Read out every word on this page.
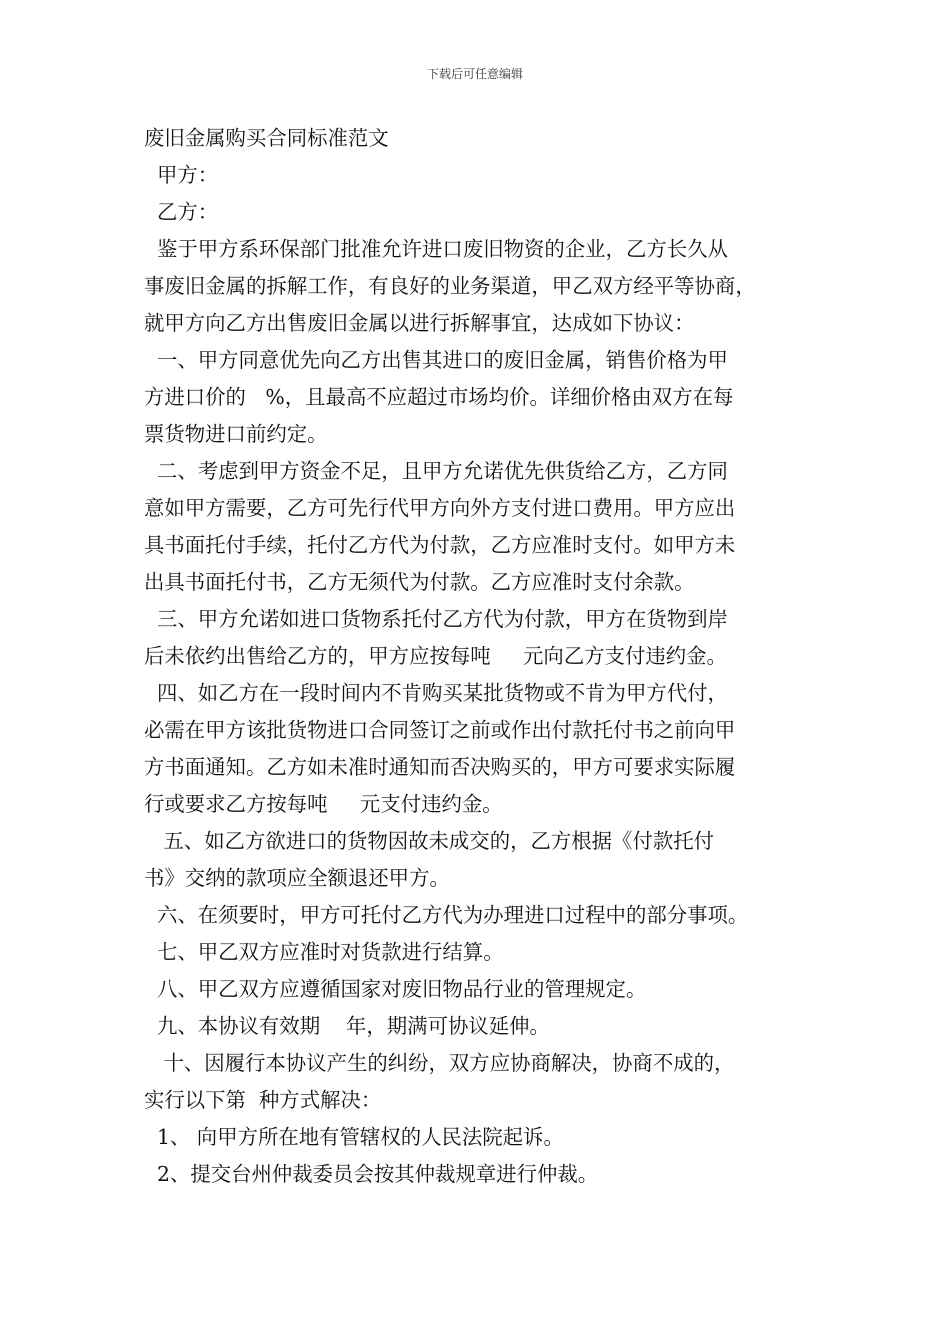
下载后可任意编辑
废旧金属购买合同标准范文
甲方：
乙方：
鉴于甲方系环保部门批准允许进口废旧物资的企业，乙方长久从
事废旧金属的拆解工作，有良好的业务渠道，甲乙双方经平等协商，
就甲方向乙方出售废旧金属以进行拆解事宜，达成如下协议：
一、甲方同意优先向乙方出售其进口的废旧金属，销售价格为甲
方进口价的   %，且最高不应超过市场均价。详细价格由双方在每
票货物进口前约定。
二、考虑到甲方资金不足，且甲方允诺优先供货给乙方，乙方同
意如甲方需要，乙方可先行代甲方向外方支付进口费用。甲方应出
具书面托付手续，托付乙方代为付款，乙方应准时支付。如甲方未
出具书面托付书，乙方无须代为付款。乙方应准时支付余款。
三、甲方允诺如进口货物系托付乙方代为付款，甲方在货物到岸
后未依约出售给乙方的，甲方应按每吨     元向乙方支付违约金。
四、如乙方在一段时间内不肯购买某批货物或不肯为甲方代付，
必需在甲方该批货物进口合同签订之前或作出付款托付书之前向甲
方书面通知。乙方如未准时通知而否决购买的，甲方可要求实际履
行或要求乙方按每吨     元支付违约金。
五、如乙方欲进口的货物因故未成交的，乙方根据《付款托付
书》交纳的款项应全额退还甲方。
六、在须要时，甲方可托付乙方代为办理进口过程中的部分事项。
七、甲乙双方应准时对货款进行结算。
八、甲乙双方应遵循国家对废旧物品行业的管理规定。
九、本协议有效期    年，期满可协议延伸。
十、因履行本协议产生的纠纷，双方应协商解决，协商不成的，
实行以下第  种方式解决：
1、 向甲方所在地有管辖权的人民法院起诉。
2、提交台州仲裁委员会按其仲裁规章进行仲裁。
